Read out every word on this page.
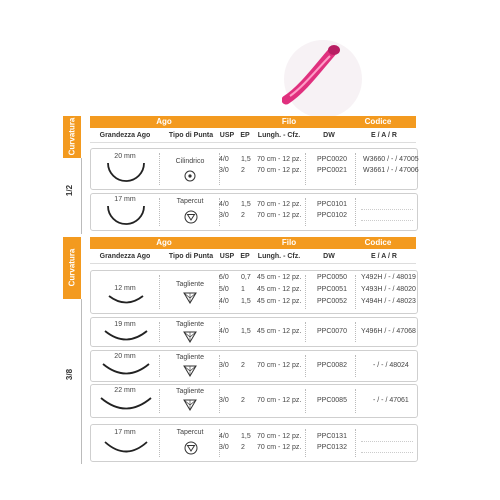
Curvatura
1/2
Ago	Filo	Codice
Grandezza Ago	Tipo di Punta USP EP	Lungh. - Cfz.	DW	E / A / R
20 mm
Cilindrico	4/0 1,5 70 cm - 12 pz. PPC0020 W3660 / - / 47005
3/0 2 70 cm - 12 pz. PPC0021 W3661 / - / 47006
17 mm	Tapercut	4/0 1,5 70 cm - 12 pz. PPC0101
3/0 2 70 cm - 12 pz. PPC0102
Curvatura
3/8
Ago	Filo	Codice
Grandezza Ago	Tipo di Punta USP EP	Lungh. - Cfz.	DW	E / A / R
12 mm
Tagliente
6/0 0,7 45 cm - 12 pz. PPC0050 Y492H / - / 48019
5/0 1 45 cm - 12 pz. PPC0051 Y493H / - / 48020
4/0 1,5 45 cm - 12 pz. PPC0052 Y494H / - / 48023
19 mm	Tagliente
4/0 1,5 45 cm - 12 pz. PPC0070 Y496H / - / 47068
20 mm	Tagliente
3/0 2 70 cm - 12 pz. PPC0082	- / - / 48024
22 mm	Tagliente
3/0 2 70 cm - 12 pz. PPC0085	- / - / 47061
17 mm	Tapercut
4/0 1,5 70 cm - 12 pz. PPC0131
3/0 2 70 cm - 12 pz. PPC0132
